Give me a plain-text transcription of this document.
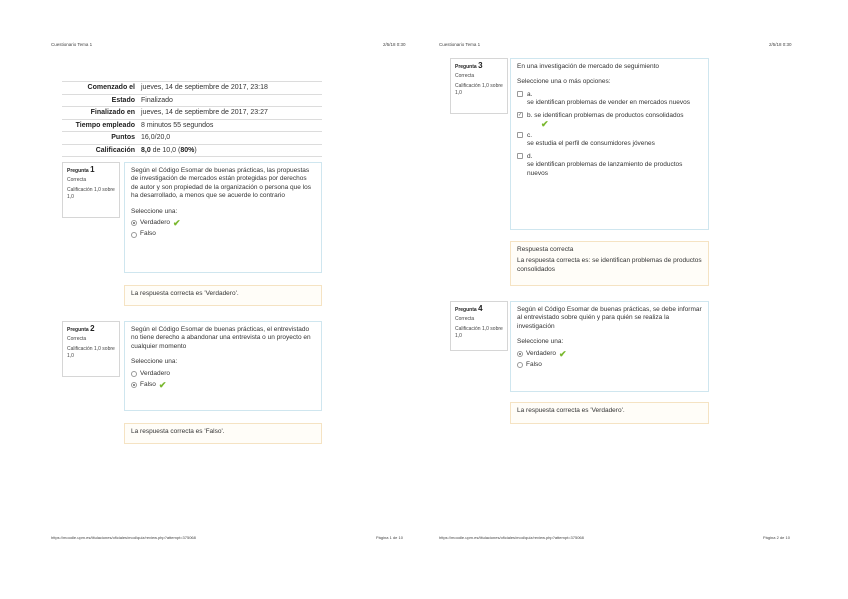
Cuestionario Tema 1	2/5/18 0:30
Comenzado el jueves, 14 de septiembre de 2017, 23:18
Estado Finalizado
Finalizado en jueves, 14 de septiembre de 2017, 23:27
Tiempo empleado 8 minutos 55 segundos
Puntos 16,0/20,0
Calificación 8,0 de 10,0 (80%)
Pregunta 1
Correcta
Calificación 1,0 sobre 1,0

Según el Código Esomar de buenas prácticas, las propuestas de investigación de mercados están protegidas por derechos de autor y son propiedad de la organización o persona que los ha desarrollado, a menos que se acuerde lo contrario

Seleccione una:

Verdadero ✔
Falso
La respuesta correcta es 'Verdadero'.
Pregunta 2
Correcta
Calificación 1,0 sobre 1,0

Según el Código Esomar de buenas prácticas, el entrevistado no tiene derecho a abandonar una entrevista o un proyecto en cualquier momento

Seleccione una:

Verdadero
Falso ✔
La respuesta correcta es 'Falso'.
https://moodle.upm.es/titulaciones/oficiales/mod/quiz/review.php?attempt=375068	Página 1 de 10
Cuestionario Tema 1	2/5/18 0:30
Pregunta 3
Correcta
Calificación 1,0 sobre 1,0

En una investigación de mercado de seguimiento

Seleccione una o más opciones:

a.
se identifican problemas de vender en mercados nuevos
✓ b. se identifican problemas de productos consolidados
✔
c.
se estudia el perfil de consumidores jóvenes
d.
se identifican problemas de lanzamiento de productos nuevos
Respuesta correcta
La respuesta correcta es: se identifican problemas de productos consolidados
Pregunta 4
Correcta
Calificación 1,0 sobre 1,0

Según el Código Esomar de buenas prácticas, se debe informar al entrevistado sobre quién y para quién se realiza la investigación

Seleccione una:

Verdadero ✔
Falso
La respuesta correcta es 'Verdadero'.
https://moodle.upm.es/titulaciones/oficiales/mod/quiz/review.php?attempt=375068	Página 2 de 10
